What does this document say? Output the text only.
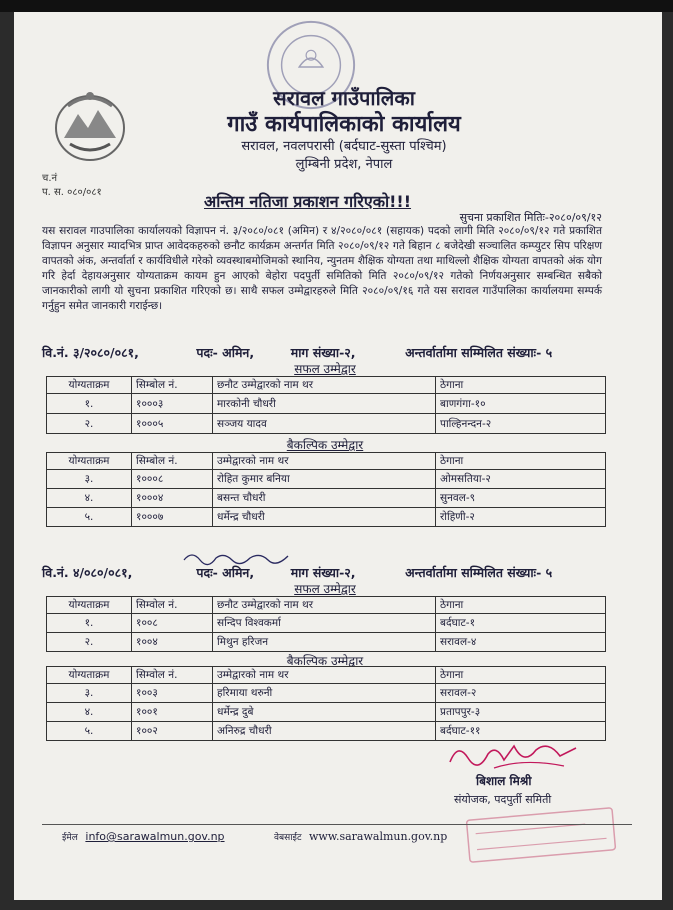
सरावल गाउँपालिका
गाउँ कार्यपालिकाको कार्यालय
सरावल, नवलपरासी (बर्दघाट-सुस्ता पश्चिम)
लुम्बिनी प्रदेश, नेपाल
च.नं
प. स. ०८०/०८१	अन्तिम नतिजा प्रकाशन गरिएको!!!
सुचना प्रकाशित मितिः-२०८०/०९/१२
यस सरावल गाउपालिका कार्यालयको विज्ञापन नं. ३/२०८०/०८१ (अमिन) र ४/२०८०/०८१ (सहायक) पदको लागी मिति २०८०/०९/१२ गते प्रकाशित विज्ञापन अनुसार म्यादभित्र प्राप्त आवेदकहरुको छनौट कार्यक्रम अन्तर्गत मिति २०८०/०९/१२ गते बिहान ८ बजेदेखी सञ्चालित कम्प्युटर सिप परिक्षण वापतको अंक, अन्तर्वार्ता र कार्यविधीले गरेको व्यवस्थाबमोजिमको स्थानिय, न्युनतम शैक्षिक योग्यता तथा माथिल्लो शैक्षिक योग्यता वापतको अंक योग गरि हेर्दा देहायअनुसार योग्यताक्रम कायम हुन आएको बेहोरा पदपुर्ती समितिको मिति २०८०/०९/१२ गतेको निर्णयअनुसार सम्बन्धित सबैको जानकारीको लागी यो सुचना प्रकाशित गरिएको छ। साथै सफल उम्मेद्वारहरुले मिति २०८०/०९/१६ गते यस सरावल गाउँपालिका कार्यालयमा सम्पर्क गर्नुहुन समेत जानकारी गराईन्छ।
वि.नं. ३/२०८०/०८१,	पदः- अमिन,	माग संख्या-२,	अन्तर्वार्तामा सम्मिलित संख्याः- ५
सफल उम्मेद्वार
योग्यताक्रम	सिम्बोल नं.	छनौट उम्मेद्वारको नाम थर	ठेगाना
१.	१०००३	मारकोनी चौधरी	बाणगंगा-१०
२.	१०००५	सञ्जय यादव	पाल्हिनन्दन-२
बैकल्पिक उम्मेद्वार
योग्यताक्रम	सिम्बोल नं.	उम्मेद्वारको नाम थर	ठेगाना
३.	१०००८	रोहित कुमार बनिया	ओमसतिया-२
४.	१०००४	बसन्त चौधरी	सुनवल-९
५.	१०००७	धर्मेन्द्र चौधरी	रोहिणी-२
वि.नं. ४/०८०/०८१,	पदः- अमिन,	माग संख्या-२,	अन्तर्वार्तामा सम्मिलित संख्याः- ५
सफल उम्मेद्वार
योग्यताक्रम	सिम्वोल नं.	छनौट उम्मेद्वारको नाम थर	ठेगाना
१.	१००८	सन्दिप विश्वकर्मा	बर्दघाट-१
२.	१००४	मिथुन हरिजन	सरावल-४
बैकल्पिक उम्मेद्वार
योग्यताक्रम	सिम्वोल नं.	उम्मेद्वारको नाम थर	ठेगाना
३.	१००३	हरिमाया थरुनी	सरावल-२
४.	१००१	धर्मेन्द्र दुबे	प्रतापपुर-३
५.	१००२	अनिरुद्र चौधरी	बर्दघाट-११
बिशाल मिश्री
संयोजक, पदपुर्ती समिती
ईमेल info@sarawalmun.gov.np	वेबसाईट www.sarawalmun.gov.np
